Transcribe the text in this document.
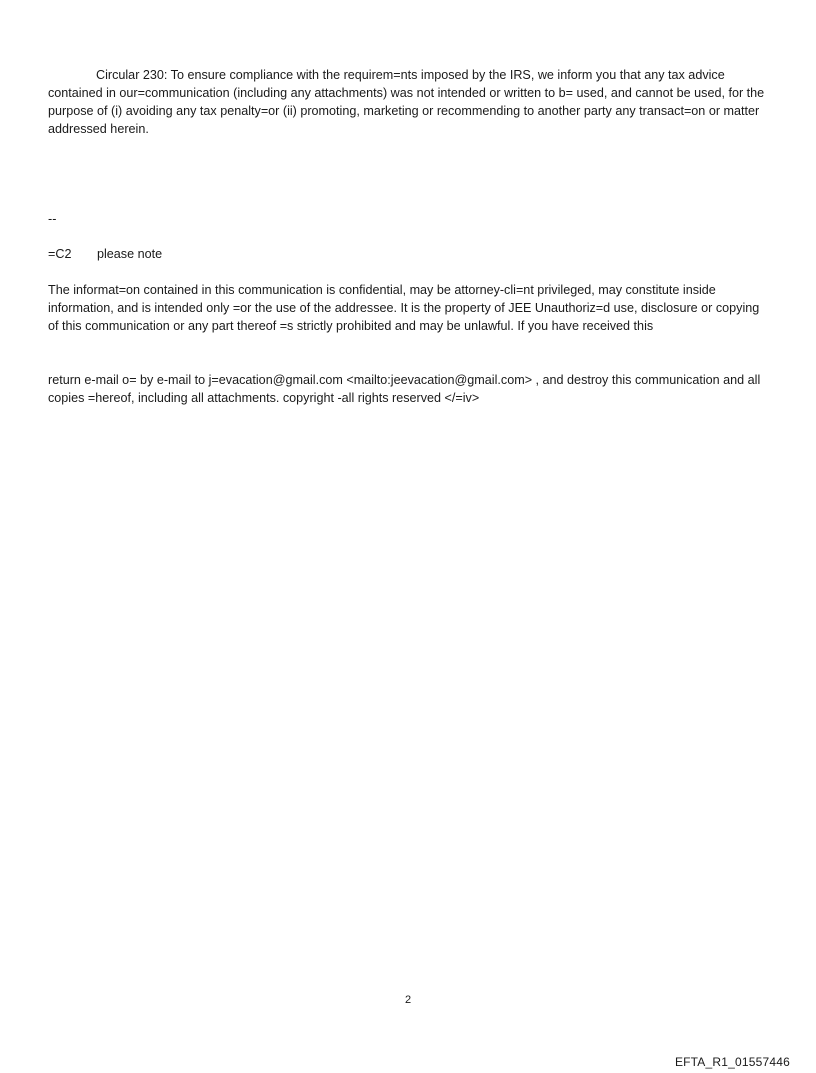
Circular 230: To ensure compliance with the requirem=nts imposed by the IRS, we inform you that any tax advice contained in our=communication (including any attachments) was not intended or written to b= used, and cannot be used, for the purpose of (i) avoiding any tax penalty=or (ii) promoting, marketing or recommending to another party any transact=on or matter addressed herein.

--

=C2 please note

The informat=on contained in this communication is confidential, may be attorney-cli=nt privileged, may constitute inside information, and is intended only =or the use of the addressee. It is the property of JEE Unauthoriz=d use, disclosure or copying of this communication or any part thereof =s strictly prohibited and may be unlawful. If you have received this

return e-mail o= by e-mail to j=evacation@gmail.com <mailto:jeevacation@gmail.com> , and destroy this communication and all copies =hereof, including all attachments. copyright -all rights reserved </=iv>

2
EFTA_R1_01557446
